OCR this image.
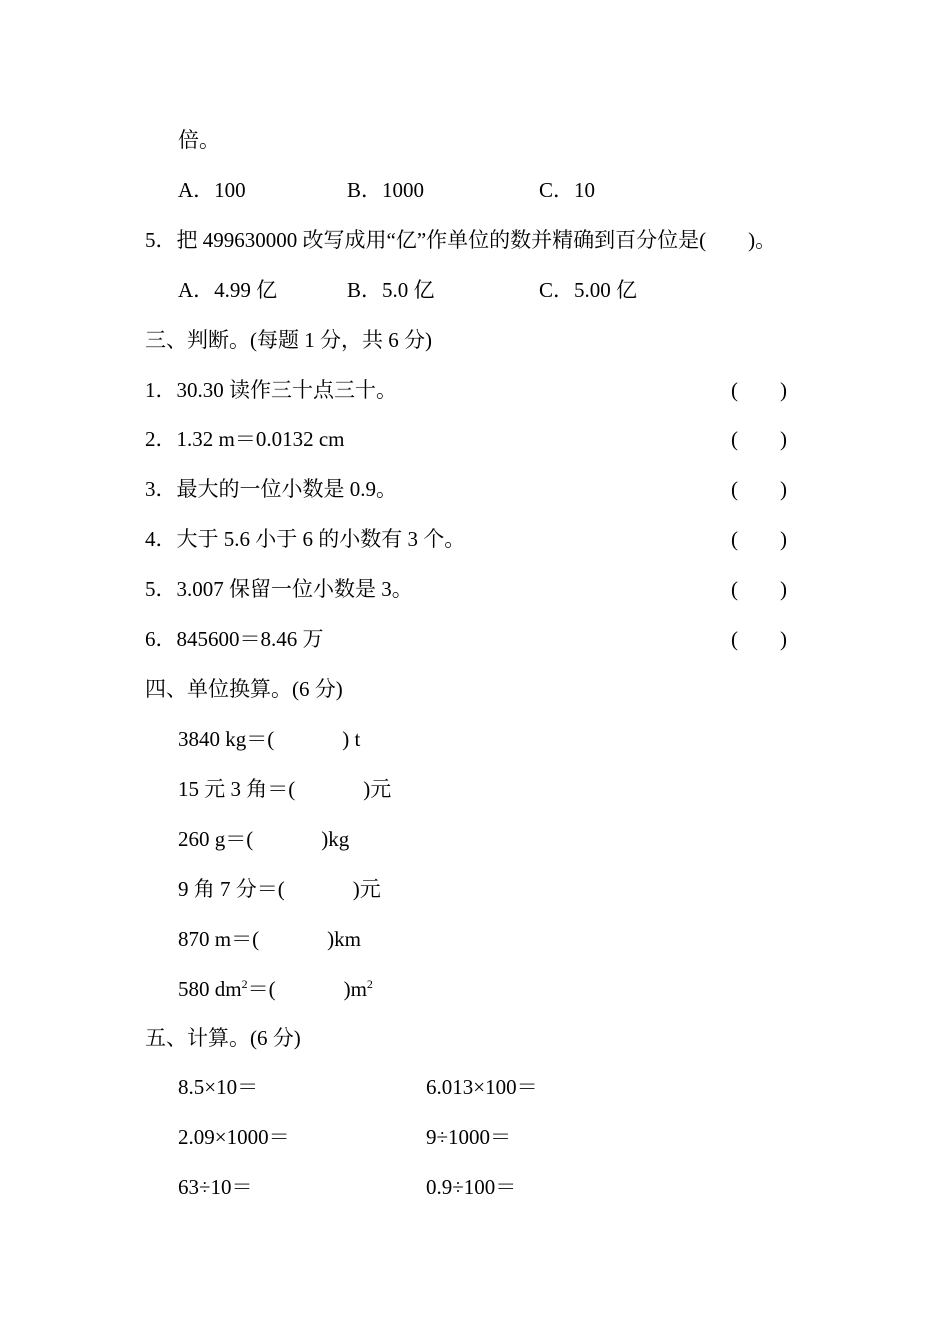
倍。
A．100	B．1000	C．10
5．把 499630000 改写成用“亿”作单位的数并精确到百分位是( )。
A．4.99 亿	B．5.0 亿	C．5.00 亿
三、判断。(每题 1 分，共 6 分)
1．30.30 读作三十点三十。	( )
2．1.32 m＝0.0132 cm	( )
3．最大的一位小数是 0.9。	( )
4．大于 5.6 小于 6 的小数有 3 个。	( )
5．3.007 保留一位小数是 3。	( )
6．845600＝8.46 万	( )
四、单位换算。(6 分)
3840 kg＝(	) t
15 元 3 角＝(	)元
260 g＝(	)kg
9 角 7 分＝(	)元
870 m＝(	)km
580 $dm^2=$(	)$m^2$
五、计算。(6 分)
8.5×10＝	6.013×100＝
2.09×1000＝	9÷1000＝
63÷10＝	0.9÷100＝
